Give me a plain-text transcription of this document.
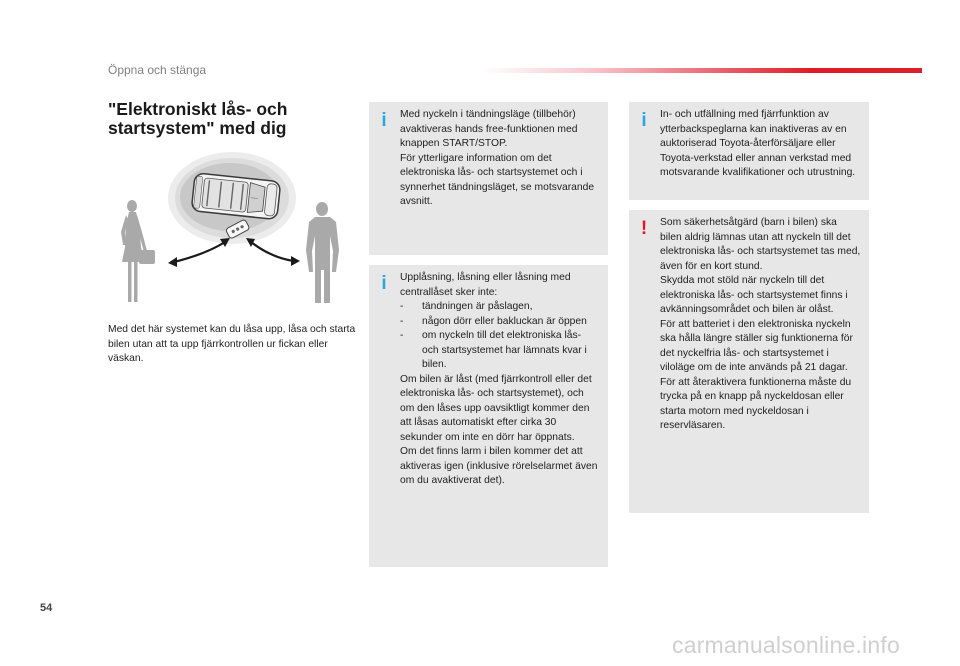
Öppna och stänga
"Elektroniskt lås- och startsystem" med dig
Med det här systemet kan du låsa upp, låsa och starta bilen utan att ta upp fjärrkontrollen ur fickan eller väskan.
i Med nyckeln i tändningsläge (tillbehör) avaktiveras hands free-funktionen med knappen START/STOP.

För ytterligare information om det elektroniska lås- och startsystemet och i synnerhet tändningsläget, se motsvarande avsnitt.

i Upplåsning, låsning eller låsning med centrallåset sker inte:

-	tändningen är påslagen,
-	någon dörr eller bakluckan är öppen
-	om nyckeln till det elektroniska lås- och startsystemet har lämnats kvar i bilen.

Om bilen är låst (med fjärrkontroll eller det elektroniska lås- och startsystemet), och om den låses upp oavsiktligt kommer den att låsas automatiskt efter cirka 30 sekunder om inte en dörr har öppnats.

Om det finns larm i bilen kommer det att aktiveras igen (inklusive rörelselarmet även om du avaktiverat det).

i In- och utfällning med fjärrfunktion av ytterbackspeglarna kan inaktiveras av en auktoriserad Toyota-återförsäljare eller Toyota-verkstad eller annan verkstad med motsvarande kvalifikationer och utrustning.

! Som säkerhetsåtgärd (barn i bilen) ska bilen aldrig lämnas utan att nyckeln till det elektroniska lås- och startsystemet tas med, även för en kort stund.

Skydda mot stöld när nyckeln till det elektroniska lås- och startsystemet finns i avkänningsområdet och bilen är olåst.

För att batteriet i den elektroniska nyckeln ska hålla längre ställer sig funktionerna för det nyckelfria lås- och startsystemet i viloläge om de inte används på 21 dagar.

För att återaktivera funktionerna måste du trycka på en knapp på nyckeldosan eller starta motorn med nyckeldosan i reservläsaren.

54
carmanualsonline.info
